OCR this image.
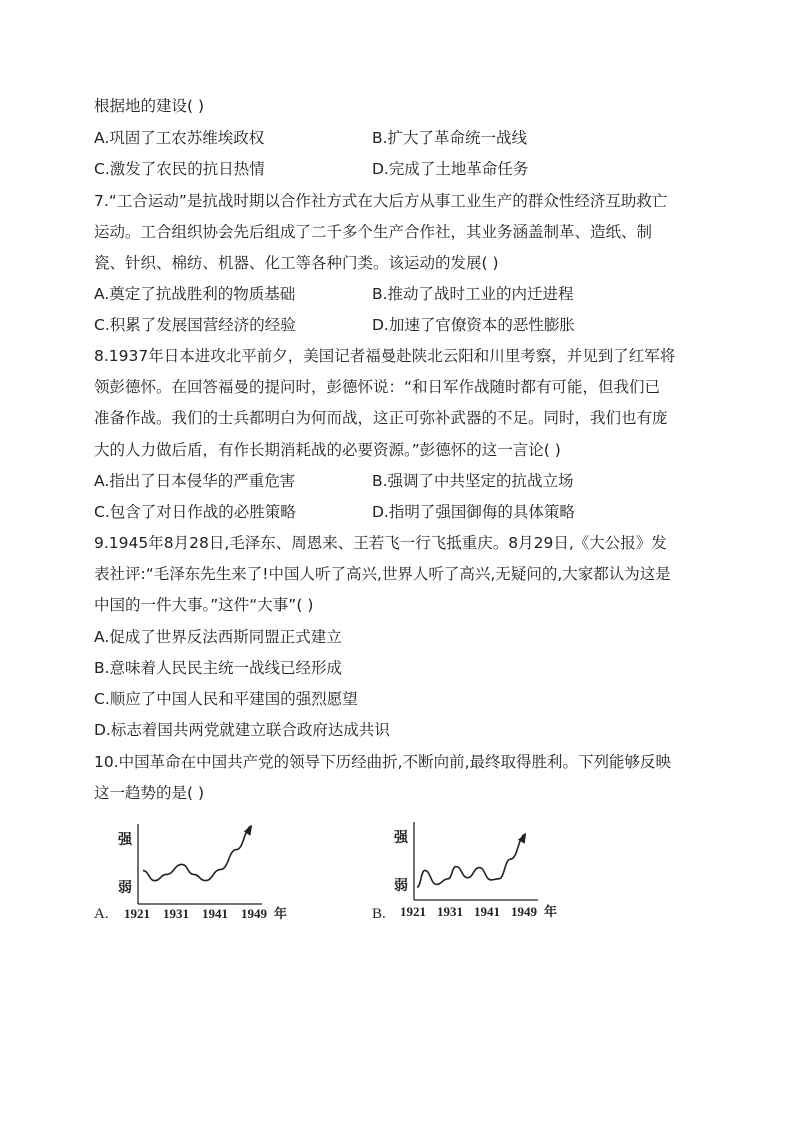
根据地的建设( )
A.巩固了工农苏维埃政权	B.扩大了革命统一战线
C.激发了农民的抗日热情	D.完成了土地革命任务
7.“工合运动”是抗战时期以合作社方式在大后方从事工业生产的群众性经济互助救亡
运动。工合组织协会先后组成了二千多个生产合作社，其业务涵盖制革、造纸、制
瓷、针织、棉纺、机器、化工等各种门类。该运动的发展( )
A.奠定了抗战胜利的物质基础	B.推动了战时工业的内迁进程
C.积累了发展国营经济的经验	D.加速了官僚资本的恶性膨胀
8.1937年日本进攻北平前夕，美国记者福曼赴陕北云阳和川里考察，并见到了红军将
领彭德怀。在回答福曼的提问时，彭德怀说：“和日军作战随时都有可能，但我们已
准备作战。我们的士兵都明白为何而战，这正可弥补武器的不足。同时，我们也有庞
大的人力做后盾，有作长期消耗战的必要资源。”彭德怀的这一言论( )
A.指出了日本侵华的严重危害	B.强调了中共坚定的抗战立场
C.包含了对日作战的必胜策略	D.指明了强国御侮的具体策略
9.1945年8月28日,毛泽东、周恩来、王若飞一行飞抵重庆。8月29日,《大公报》发
表社评:“毛泽东先生来了!中国人听了高兴,世界人听了高兴,无疑问的,大家都认为这是
中国的一件大事。”这件“大事”( )
A.促成了世界反法西斯同盟正式建立
B.意味着人民民主统一战线已经形成
C.顺应了中国人民和平建国的强烈愿望
D.标志着国共两党就建立联合政府达成共识
10.中国革命在中国共产党的领导下历经曲折,不断向前,最终取得胜利。下列能够反映
这一趋势的是( )
A.
强
弱
1921 1931 1941 1949 年	B.
强
弱
1921 1931 1941 1949 年
